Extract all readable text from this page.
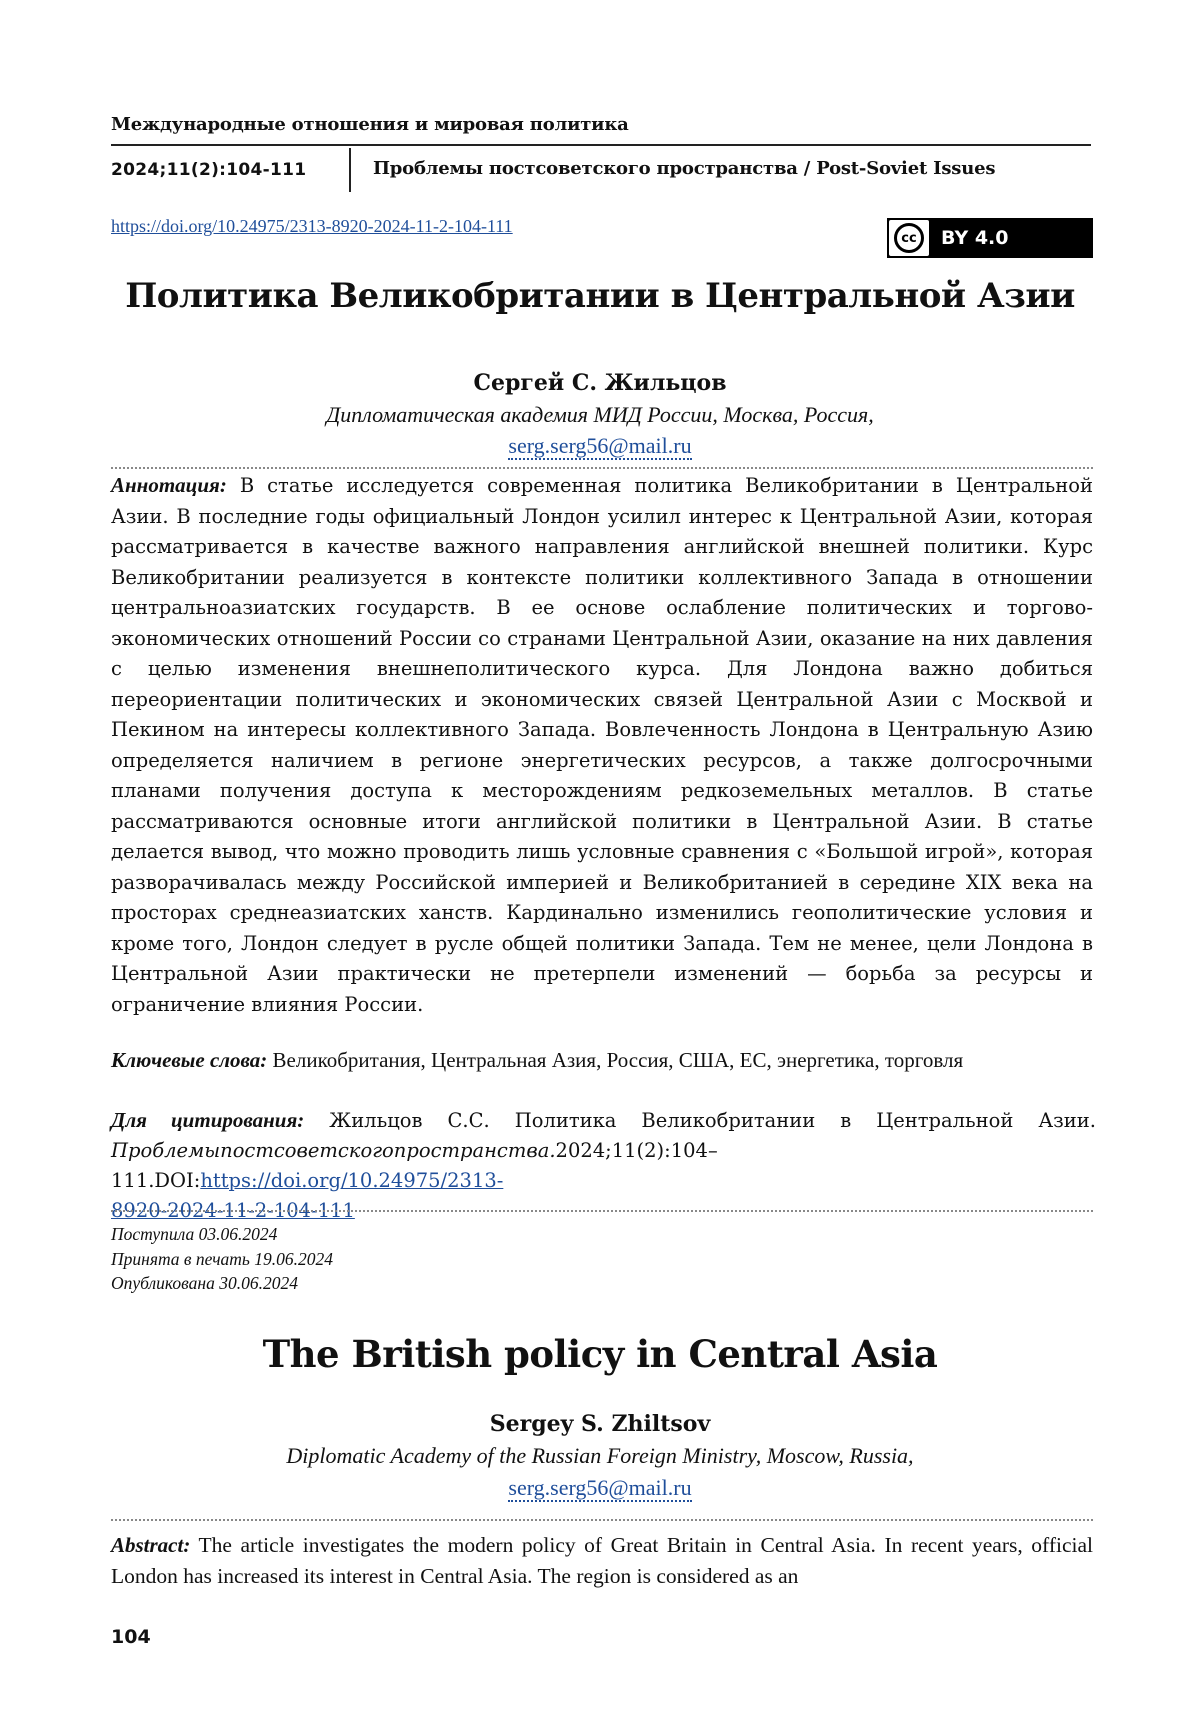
Международные отношения и мировая политика
2024;11(2):104-111	Проблемы постсоветского пространства / Post-Soviet Issues
https://doi.org/10.24975/2313-8920-2024-11-2-104-111
cc	BY 4.0
Политика Великобритании в Центральной Азии
Сергей С. Жильцов
Дипломатическая академия МИД России, Москва, Россия,
serg.serg56@mail.ru
Аннотация: В статье исследуется современная политика Великобритании в Центральной Азии. В последние годы официальный Лондон усилил интерес к Центральной Азии, которая рассматривается в качестве важного направления английской внешней политики. Курс Великобритании реализуется в контексте политики коллективного Запада в отношении центральноазиатских государств. В ее основе ослабление политических и торгово-экономических отношений России со странами Центральной Азии, оказание на них давления с целью изменения внешнеполитического курса. Для Лондона важно добиться переориентации политических и экономических связей Центральной Азии с Москвой и Пекином на интересы коллективного Запада. Вовлеченность Лондона в Центральную Азию определяется наличием в регионе энергетических ресурсов, а также долгосрочными планами получения доступа к месторождениям редкоземельных металлов. В статье рассматриваются основные итоги английской политики в Центральной Азии. В статье делается вывод, что можно проводить лишь условные сравнения с «Большой игрой», которая разворачивалась между Российской империей и Великобританией в середине XIX века на просторах среднеазиатских ханств. Кардинально изменились геополитические условия и кроме того, Лондон следует в русле общей политики Запада. Тем не менее, цели Лондона в Центральной Азии практически не претерпели изменений — борьба за ресурсы и ограничение влияния России.
Ключевые слова: Великобритания, Центральная Азия, Россия, США, ЕС, энергетика, торговля
Для цитирования: Жильцов С.С. Политика Великобритании в Центральной Азии. Проблемыпостсоветскогопространства.2024;11(2):104–111.DOI:https://doi.org/10.24975/2313-
8920-2024-11-2-104-111
Поступила 03.06.2024
Принята в печать 19.06.2024
Опубликована 30.06.2024
The British policy in Central Asia
Sergey S. Zhiltsov
Diplomatic Academy of the Russian Foreign Ministry, Moscow, Russia,
serg.serg56@mail.ru
Abstract: The article investigates the modern policy of Great Britain in Central Asia. In recent years, official London has increased its interest in Central Asia. The region is considered as an
104
